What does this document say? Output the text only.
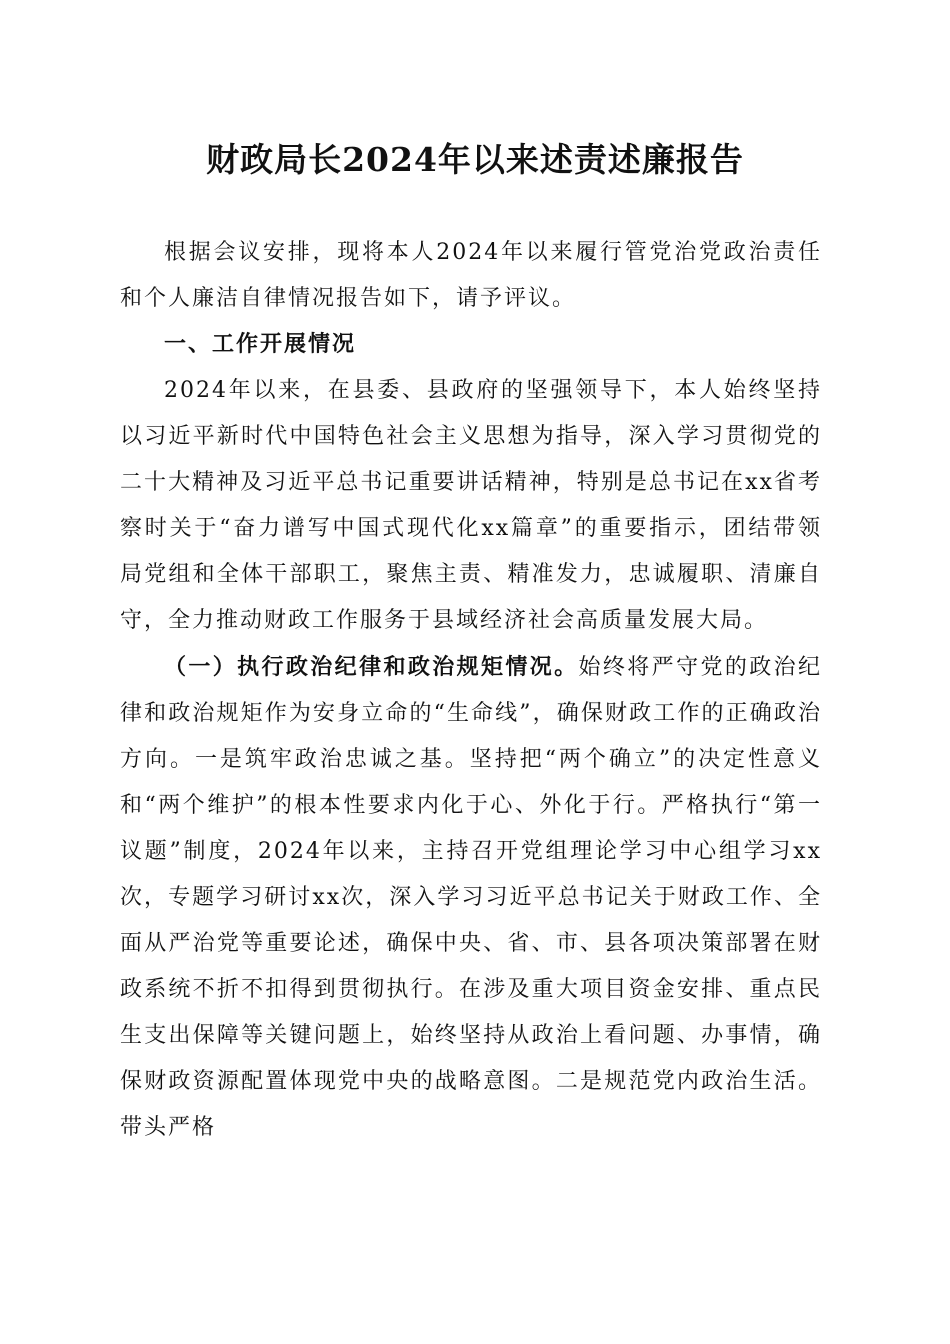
财政局长2024年以来述责述廉报告

根据会议安排，现将本人2024年以来履行管党治党政治责任和个人廉洁自律情况报告如下，请予评议。

一、工作开展情况

2024年以来，在县委、县政府的坚强领导下，本人始终坚持以习近平新时代中国特色社会主义思想为指导，深入学习贯彻党的二十大精神及习近平总书记重要讲话精神，特别是总书记在xx省考察时关于“奋力谱写中国式现代化xx篇章”的重要指示，团结带领局党组和全体干部职工，聚焦主责、精准发力，忠诚履职、清廉自守，全力推动财政工作服务于县域经济社会高质量发展大局。

（一）执行政治纪律和政治规矩情况。始终将严守党的政治纪律和政治规矩作为安身立命的“生命线”，确保财政工作的正确政治方向。一是筑牢政治忠诚之基。坚持把“两个确立”的决定性意义和“两个维护”的根本性要求内化于心、外化于行。严格执行“第一议题”制度，2024年以来，主持召开党组理论学习中心组学习xx次，专题学习研讨xx次，深入学习习近平总书记关于财政工作、全面从严治党等重要论述，确保中央、省、市、县各项决策部署在财政系统不折不扣得到贯彻执行。在涉及重大项目资金安排、重点民生支出保障等关键问题上，始终坚持从政治上看问题、办事情，确保财政资源配置体现党中央的战略意图。二是规范党内政治生活。带头严格
